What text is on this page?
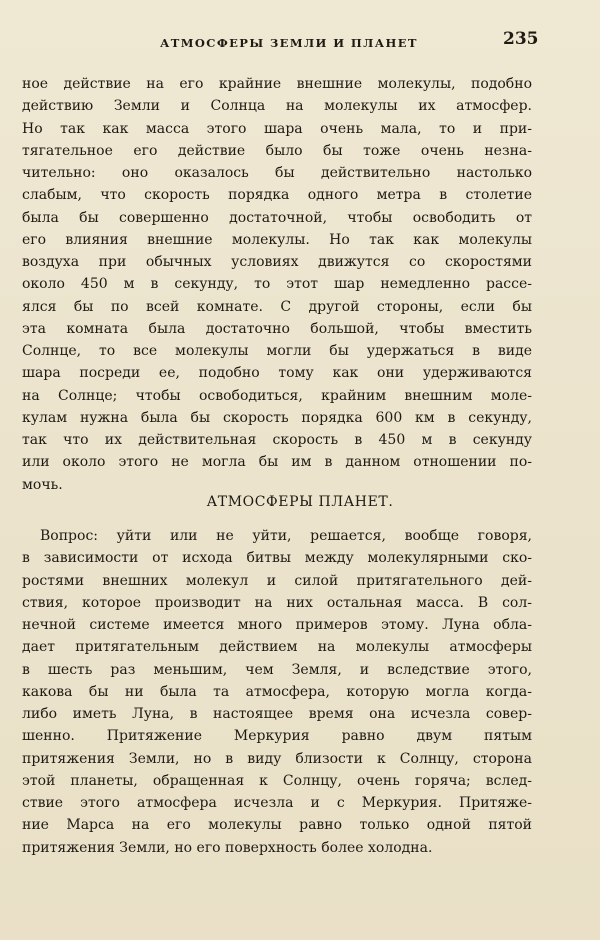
АТМОСФЕРЫ ЗЕМЛИ И ПЛАНЕТ	235
ное действие на его крайние внешние молекулы, подобно
действию Земли и Солнца на молекулы их атмосфер.
Но так как масса этого шара очень мала, то и при-
тягательное его действие было бы тоже очень незна-
чительно: оно оказалось бы действительно настолько
слабым, что скорость порядка одного метра в столетие
была бы совершенно достаточной, чтобы освободить от
его влияния внешние молекулы. Но так как молекулы
воздуха при обычных условиях движутся со скоростями
около 450 м в секунду, то этот шар немедленно рассе-
ялся бы по всей комнате. С другой стороны, если бы
эта комната была достаточно большой, чтобы вместить
Солнце, то все молекулы могли бы удержаться в виде
шара посреди ее, подобно тому как они удерживаются
на Солнце; чтобы освободиться, крайним внешним моле-
кулам нужна была бы скорость порядка 600 км в секунду,
так что их действительная скорость в 450 м в секунду
или около этого не могла бы им в данном отношении по-
мочь.
АТМОСФЕРЫ ПЛАНЕТ.
Вопрос: уйти или не уйти, решается, вообще говоря,
в зависимости от исхода битвы между молекулярными ско-
ростями внешних молекул и силой притягательного дей-
ствия, которое производит на них остальная масса. В сол-
нечной системе имеется много примеров этому. Луна обла-
дает притягательным действием на молекулы атмосферы
в шесть раз меньшим, чем Земля, и вследствие этого,
какова бы ни была та атмосфера, которую могла когда-
либо иметь Луна, в настоящее время она исчезла совер-
шенно. Притяжение Меркурия равно двум пятым
притяжения Земли, но в виду близости к Солнцу, сторона
этой планеты, обращенная к Солнцу, очень горяча; вслед-
ствие этого атмосфера исчезла и с Меркурия. Притяже-
ние Марса на его молекулы равно только одной пятой
притяжения Земли, но его поверхность более холодна.
